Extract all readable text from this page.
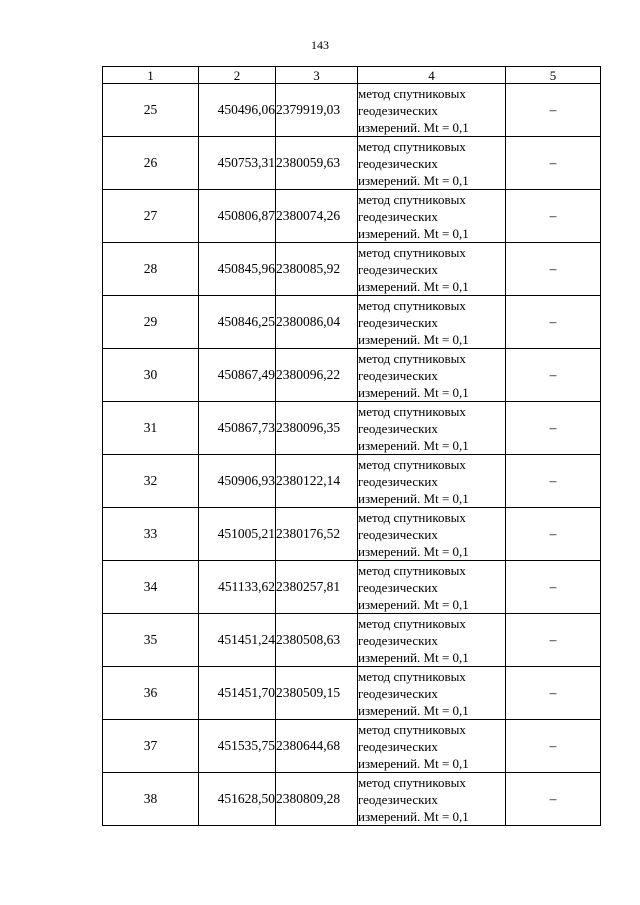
143
1	2	3	4	5
25	450496,06	2379919,03	метод спутниковых
геодезических
измерений. Mt = 0,1	–
26	450753,31	2380059,63	метод спутниковых
геодезических
измерений. Mt = 0,1	–
27	450806,87	2380074,26	метод спутниковых
геодезических
измерений. Mt = 0,1	–
28	450845,96	2380085,92	метод спутниковых
геодезических
измерений. Mt = 0,1	–
29	450846,25	2380086,04	метод спутниковых
геодезических
измерений. Mt = 0,1	–
30	450867,49	2380096,22	метод спутниковых
геодезических
измерений. Mt = 0,1	–
31	450867,73	2380096,35	метод спутниковых
геодезических
измерений. Mt = 0,1	–
32	450906,93	2380122,14	метод спутниковых
геодезических
измерений. Mt = 0,1	–
33	451005,21	2380176,52	метод спутниковых
геодезических
измерений. Mt = 0,1	–
34	451133,62	2380257,81	метод спутниковых
геодезических
измерений. Mt = 0,1	–
35	451451,24	2380508,63	метод спутниковых
геодезических
измерений. Mt = 0,1	–
36	451451,70	2380509,15	метод спутниковых
геодезических
измерений. Mt = 0,1	–
37	451535,75	2380644,68	метод спутниковых
геодезических
измерений. Mt = 0,1	–
38	451628,50	2380809,28	метод спутниковых
геодезических
измерений. Mt = 0,1	–
